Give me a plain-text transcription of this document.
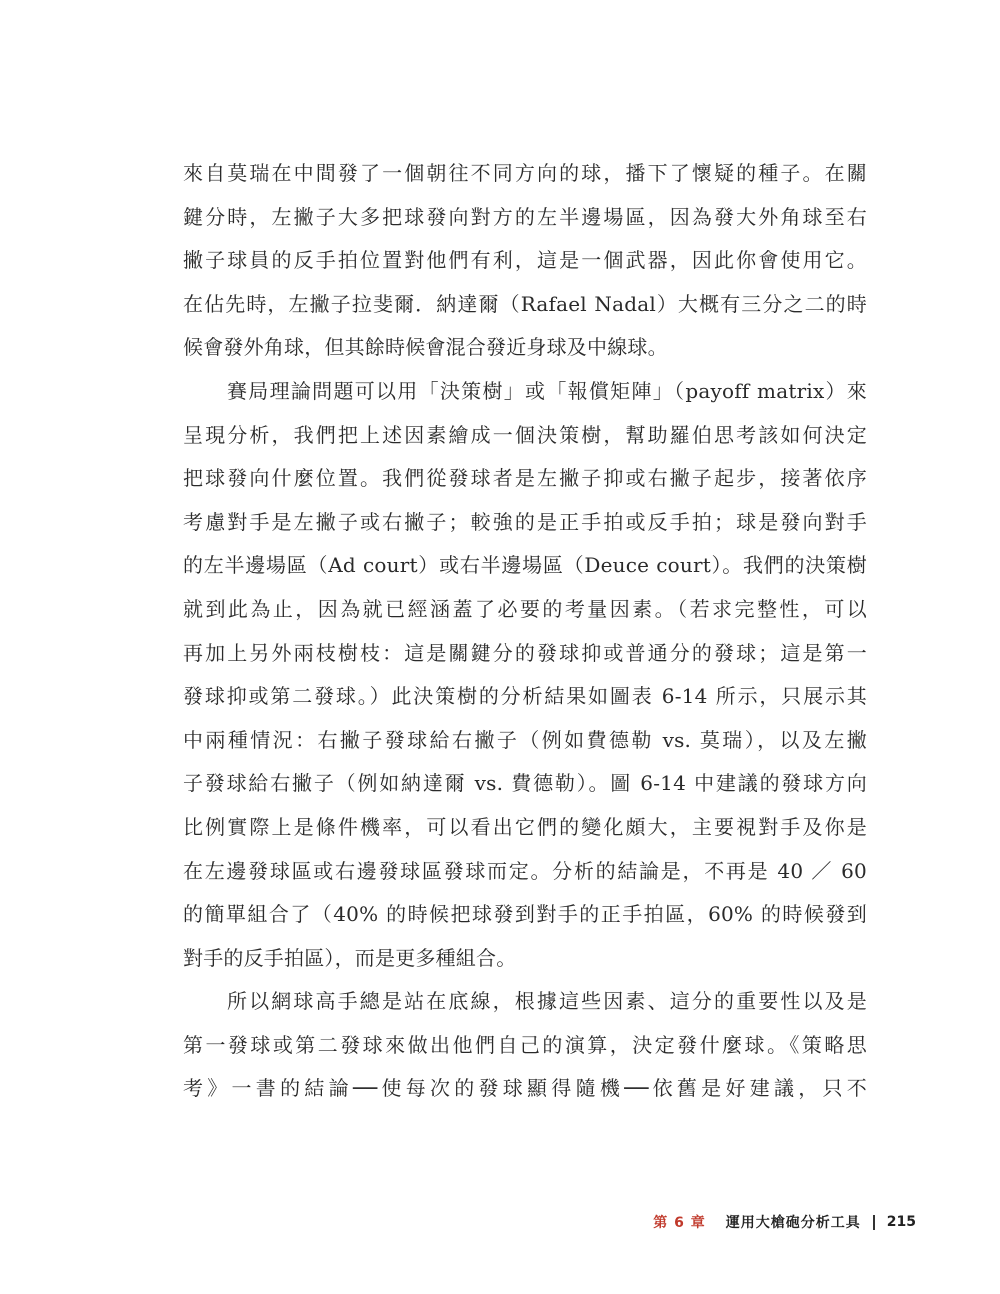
來自莫瑞在中間發了一個朝往不同方向的球，播下了懷疑的種子。在關
鍵分時，左撇子大多把球發向對方的左半邊場區，因為發大外角球至右
撇子球員的反手拍位置對他們有利，這是一個武器，因此你會使用它。
在佔先時，左撇子拉斐爾．納達爾（Rafael Nadal）大概有三分之二的時
候會發外角球，但其餘時候會混合發近身球及中線球。
賽局理論問題可以用「決策樹」或「報償矩陣」（payoff matrix）來
呈現分析，我們把上述因素繪成一個決策樹，幫助羅伯思考該如何決定
把球發向什麼位置。我們從發球者是左撇子抑或右撇子起步，接著依序
考慮對手是左撇子或右撇子；較強的是正手拍或反手拍；球是發向對手
的左半邊場區（Ad court）或右半邊場區（Deuce court）。我們的決策樹
就到此為止，因為就已經涵蓋了必要的考量因素。（若求完整性，可以
再加上另外兩枝樹枝：這是關鍵分的發球抑或普通分的發球；這是第一
發球抑或第二發球。）此決策樹的分析結果如圖表 6-14 所示，只展示其
中兩種情況：右撇子發球給右撇子（例如費德勒 vs. 莫瑞），以及左撇
子發球給右撇子（例如納達爾 vs. 費德勒）。圖 6-14 中建議的發球方向
比例實際上是條件機率，可以看出它們的變化頗大，主要視對手及你是
在左邊發球區或右邊發球區發球而定。分析的結論是，不再是 40 ／ 60
的簡單組合了（40% 的時候把球發到對手的正手拍區，60% 的時候發到
對手的反手拍區），而是更多種組合。
所以網球高手總是站在底線，根據這些因素、這分的重要性以及是
第一發球或第二發球來做出他們自己的演算，決定發什麼球。《策略思
考》一書的結論──使每次的發球顯得隨機──依舊是好建議，只不
第 6 章 運用大槍砲分析工具 215
